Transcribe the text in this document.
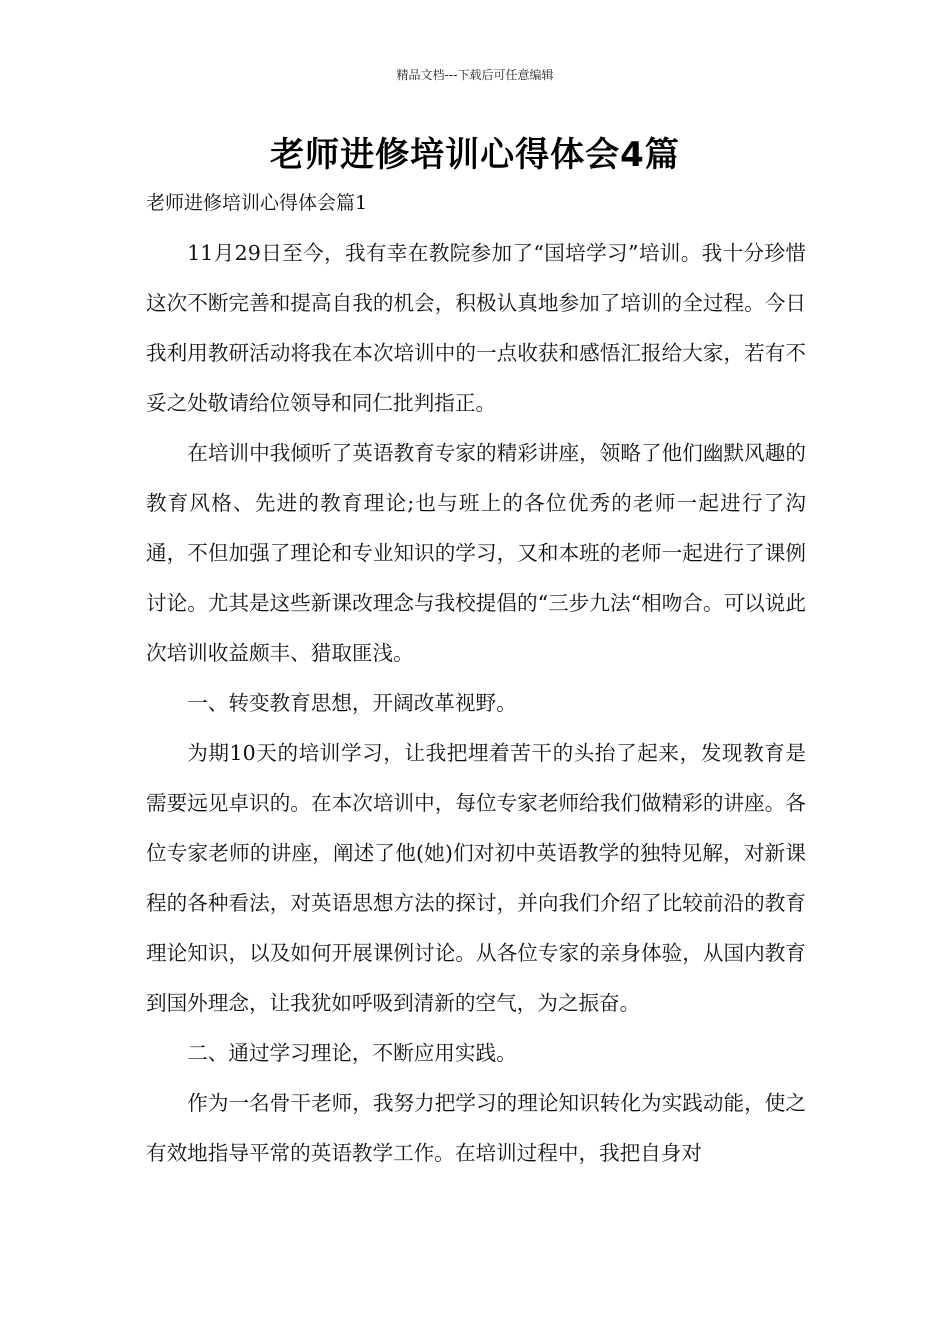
精品文档---下载后可任意编辑
老师进修培训心得体会4篇
老师进修培训心得体会篇1

11月29日至今，我有幸在教院参加了“国培学习”培训。我十分珍惜这次不断完善和提高自我的机会，积极认真地参加了培训的全过程。今日我利用教研活动将我在本次培训中的一点收获和感悟汇报给大家，若有不妥之处敬请给位领导和同仁批判指正。

在培训中我倾听了英语教育专家的精彩讲座，领略了他们幽默风趣的教育风格、先进的教育理论;也与班上的各位优秀的老师一起进行了沟通，不但加强了理论和专业知识的学习，又和本班的老师一起进行了课例讨论。尤其是这些新课改理念与我校提倡的“三步九法“相吻合。可以说此次培训收益颇丰、猎取匪浅。

一、转变教育思想，开阔改革视野。

为期10天的培训学习，让我把埋着苦干的头抬了起来，发现教育是需要远见卓识的。在本次培训中，每位专家老师给我们做精彩的讲座。各位专家老师的讲座，阐述了他(她)们对初中英语教学的独特见解，对新课程的各种看法，对英语思想方法的探讨，并向我们介绍了比较前沿的教育理论知识，以及如何开展课例讨论。从各位专家的亲身体验，从国内教育到国外理念，让我犹如呼吸到清新的空气，为之振奋。

二、通过学习理论，不断应用实践。

作为一名骨干老师，我努力把学习的理论知识转化为实践动能，使之有效地指导平常的英语教学工作。在培训过程中，我把自身对
